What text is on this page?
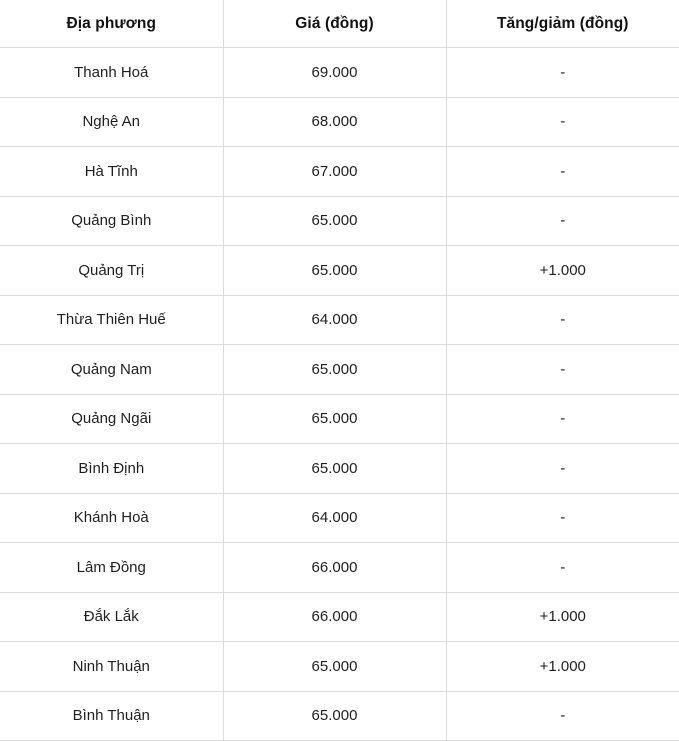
Địa phương	Giá (đồng)	Tăng/giảm (đồng)
Thanh Hoá	69.000	-
Nghệ An	68.000	-
Hà Tĩnh	67.000	-
Quảng Bình	65.000	-
Quảng Trị	65.000	+1.000
Thừa Thiên Huế	64.000	-
Quảng Nam	65.000	-
Quảng Ngãi	65.000	-
Bình Định	65.000	-
Khánh Hoà	64.000	-
Lâm Đồng	66.000	-
Đắk Lắk	66.000	+1.000
Ninh Thuận	65.000	+1.000
Bình Thuận	65.000	-
